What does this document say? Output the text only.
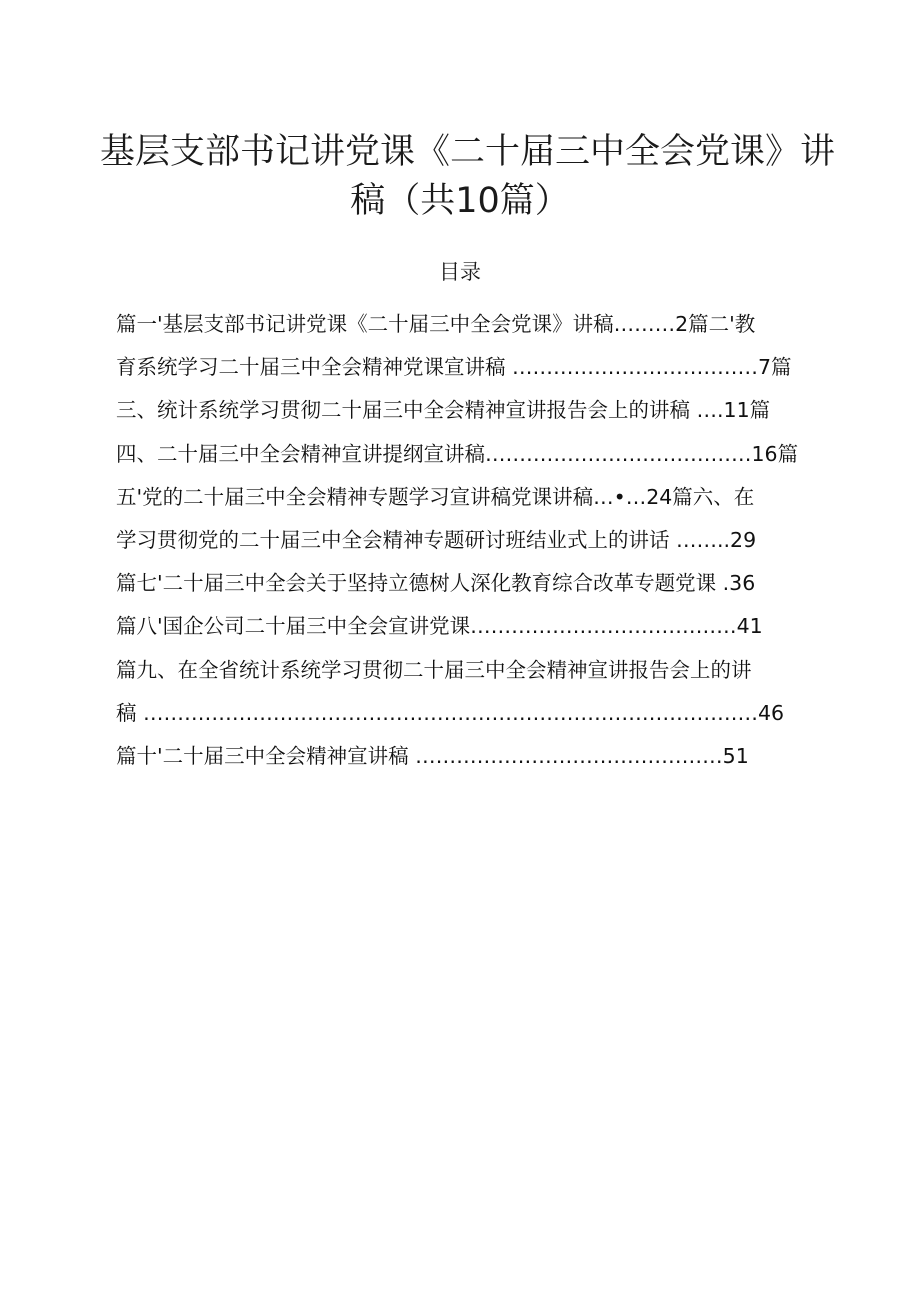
基层支部书记讲党课《二十届三中全会党课》讲
稿（共10篇）
目录
篇一'基层支部书记讲党课《二十届三中全会党课》讲稿………2篇二'教
育系统学习二十届三中全会精神党课宣讲稿 ………………………………7篇
三、统计系统学习贯彻二十届三中全会精神宣讲报告会上的讲稿 ….11篇
四、二十届三中全会精神宣讲提纲宣讲稿…………………………………16篇
五'党的二十届三中全会精神专题学习宣讲稿党课讲稿…•…24篇六、在
学习贯彻党的二十届三中全会精神专题研讨班结业式上的讲话 ……..29
篇七'二十届三中全会关于坚持立德树人深化教育综合改革专题党课 .36
篇八'国企公司二十届三中全会宣讲党课…………………………………41
篇九、在全省统计系统学习贯彻二十届三中全会精神宣讲报告会上的讲
稿 ………………………………………………………………………………46
篇十'二十届三中全会精神宣讲稿 ………………………………………51
